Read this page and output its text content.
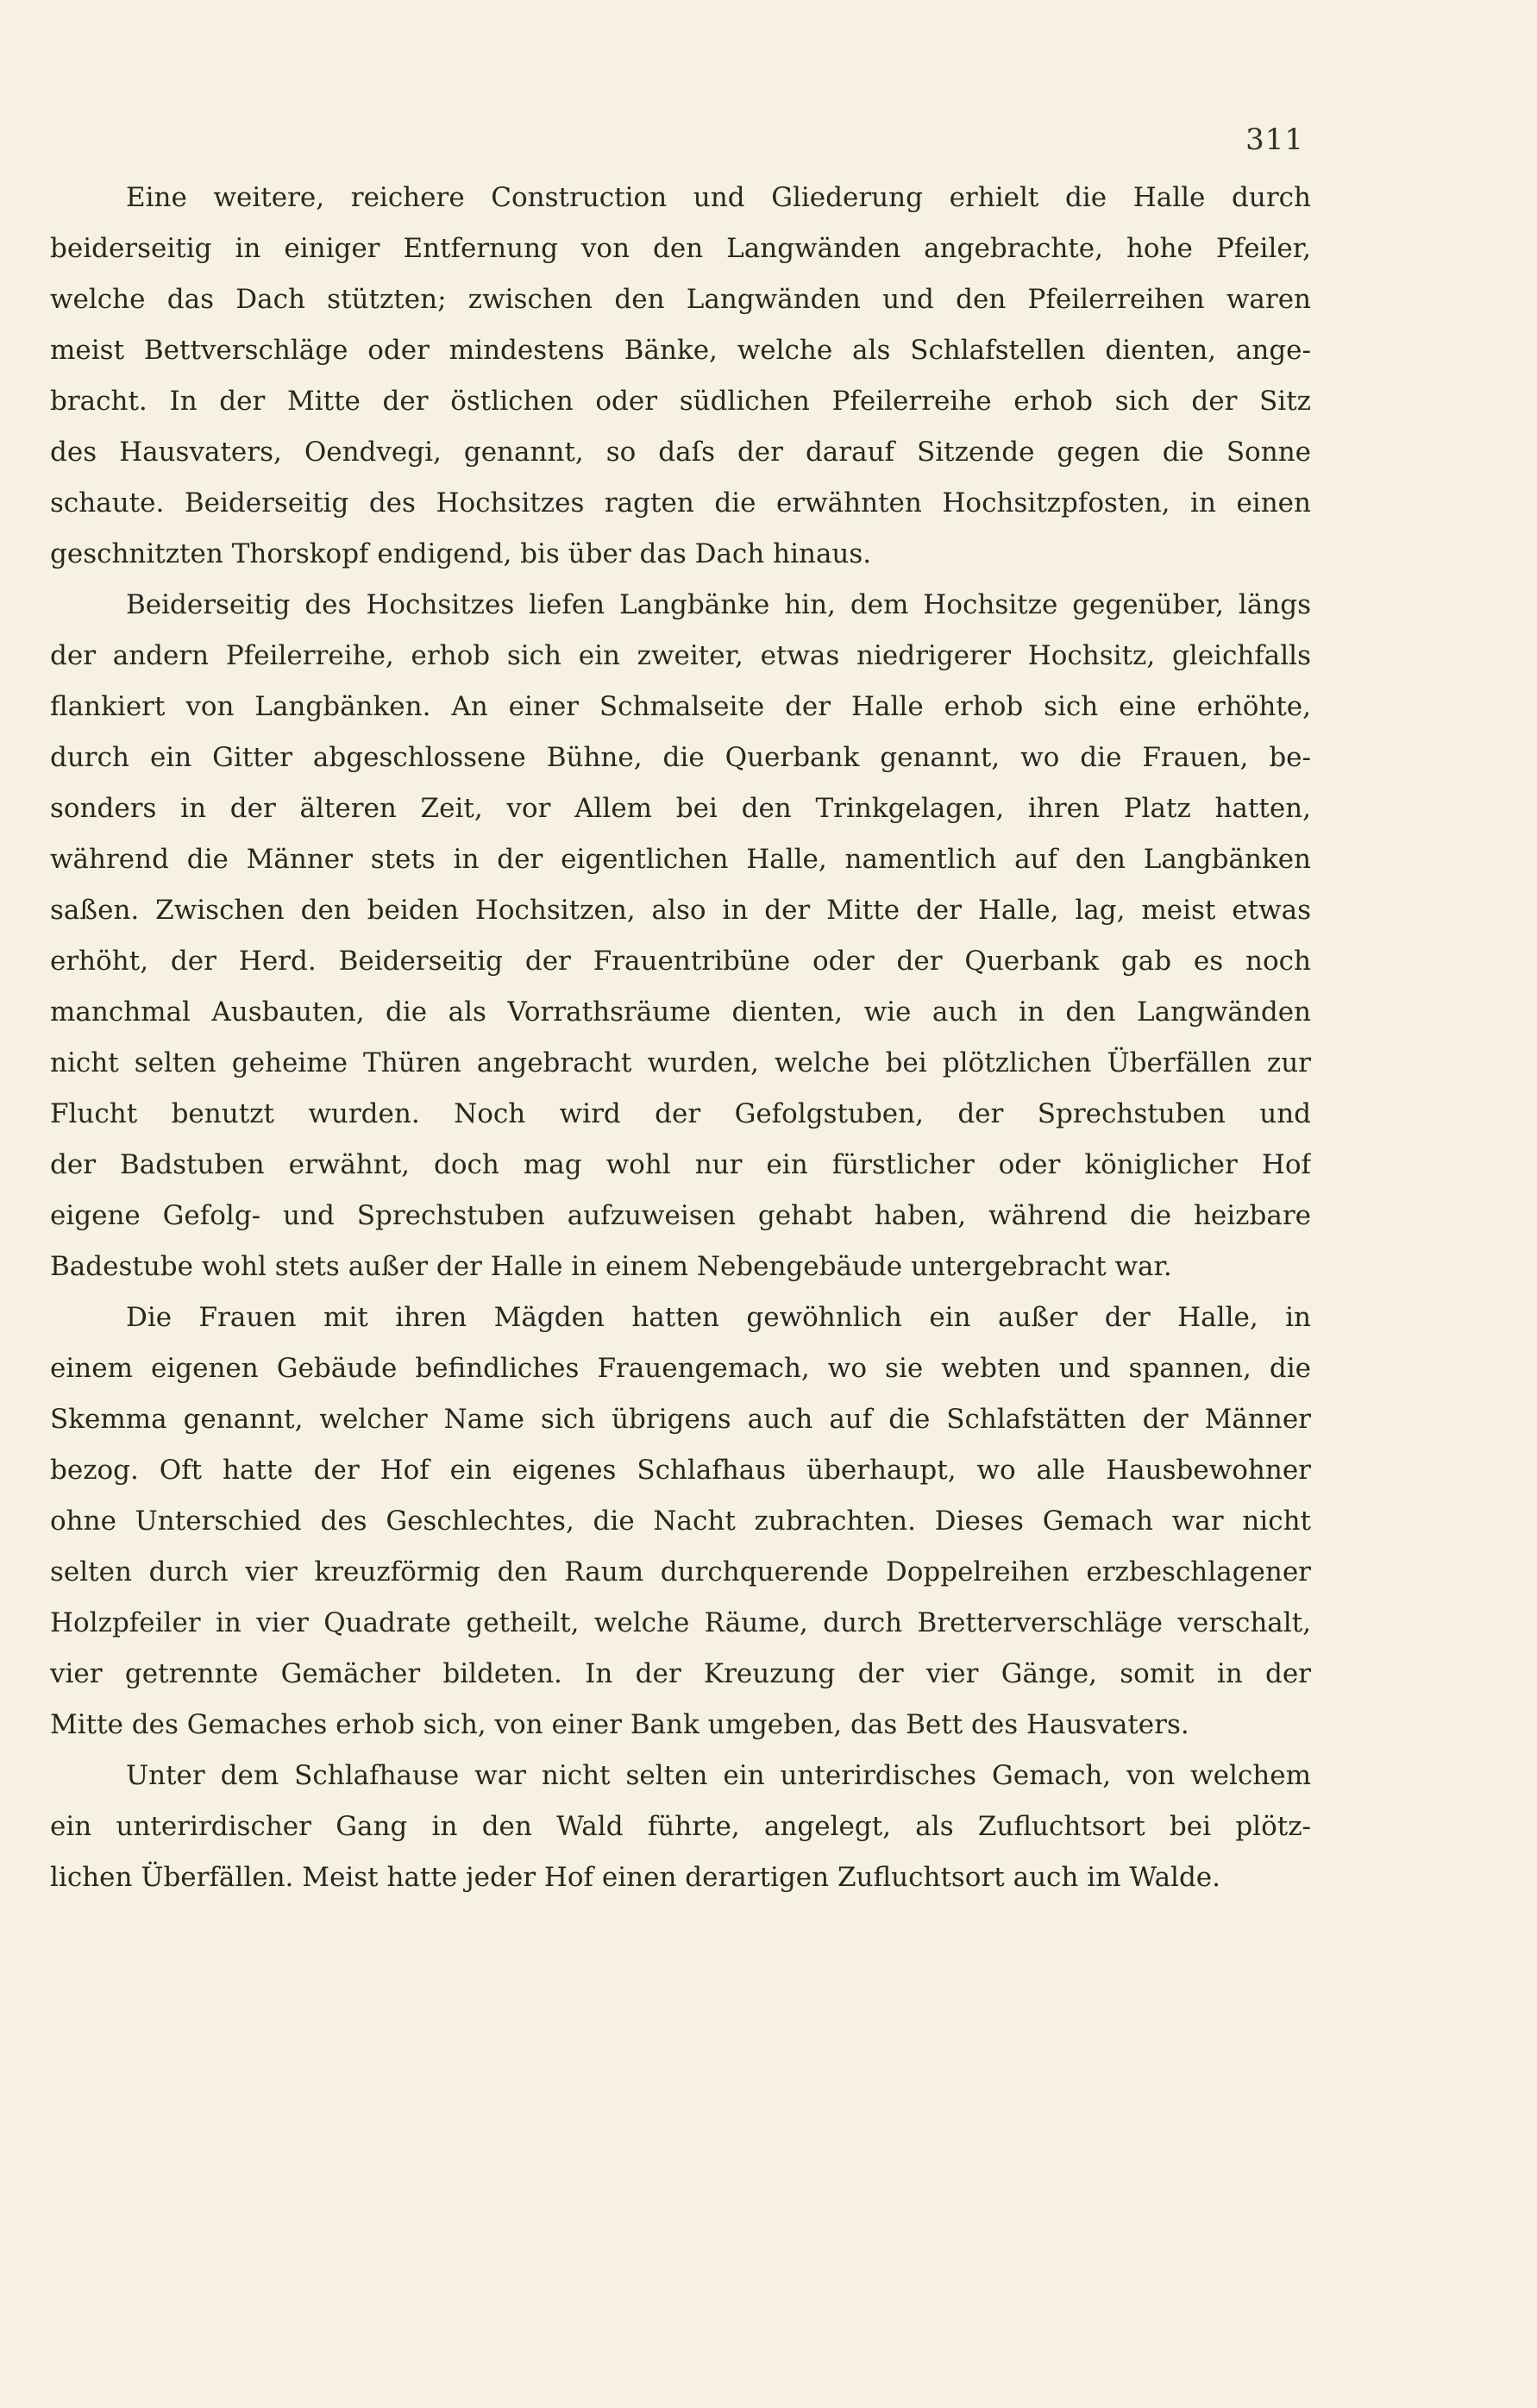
311
Eine weitere, reichere Construction und Gliederung erhielt die Halle durch
beiderseitig in einiger Entfernung von den Langwänden angebrachte, hohe Pfeiler,
welche das Dach stützten; zwischen den Langwänden und den Pfeilerreihen waren
meist Bettverschläge oder mindestens Bänke, welche als Schlafstellen dienten, ange-
bracht. In der Mitte der östlichen oder südlichen Pfeilerreihe erhob sich der Sitz
des Hausvaters, Oendvegi, genannt, so daſs der darauf Sitzende gegen die Sonne
schaute. Beiderseitig des Hochsitzes ragten die erwähnten Hochsitzpfosten, in einen
geschnitzten Thorskopf endigend, bis über das Dach hinaus.
Beiderseitig des Hochsitzes liefen Langbänke hin, dem Hochsitze gegenüber, längs
der andern Pfeilerreihe, erhob sich ein zweiter, etwas niedrigerer Hochsitz, gleichfalls
flankiert von Langbänken. An einer Schmalseite der Halle erhob sich eine erhöhte,
durch ein Gitter abgeschlossene Bühne, die Querbank genannt, wo die Frauen, be-
sonders in der älteren Zeit, vor Allem bei den Trinkgelagen, ihren Platz hatten,
während die Männer stets in der eigentlichen Halle, namentlich auf den Langbänken
saßen. Zwischen den beiden Hochsitzen, also in der Mitte der Halle, lag, meist etwas
erhöht, der Herd. Beiderseitig der Frauentribüne oder der Querbank gab es noch
manchmal Ausbauten, die als Vorrathsräume dienten, wie auch in den Langwänden
nicht selten geheime Thüren angebracht wurden, welche bei plötzlichen Überfällen zur
Flucht benutzt wurden. Noch wird der Gefolgstuben, der Sprechstuben und
der Badstuben erwähnt, doch mag wohl nur ein fürstlicher oder königlicher Hof
eigene Gefolg- und Sprechstuben aufzuweisen gehabt haben, während die heizbare
Badestube wohl stets außer der Halle in einem Nebengebäude untergebracht war.
Die Frauen mit ihren Mägden hatten gewöhnlich ein außer der Halle, in
einem eigenen Gebäude befindliches Frauengemach, wo sie webten und spannen, die
Skemma genannt, welcher Name sich übrigens auch auf die Schlafstätten der Männer
bezog. Oft hatte der Hof ein eigenes Schlafhaus überhaupt, wo alle Hausbewohner
ohne Unterschied des Geschlechtes, die Nacht zubrachten. Dieses Gemach war nicht
selten durch vier kreuzförmig den Raum durchquerende Doppelreihen erzbeschlagener
Holzpfeiler in vier Quadrate getheilt, welche Räume, durch Bretterverschläge verschalt,
vier getrennte Gemächer bildeten. In der Kreuzung der vier Gänge, somit in der
Mitte des Gemaches erhob sich, von einer Bank umgeben, das Bett des Hausvaters.
Unter dem Schlafhause war nicht selten ein unterirdisches Gemach, von welchem
ein unterirdischer Gang in den Wald führte, angelegt, als Zufluchtsort bei plötz-
lichen Überfällen. Meist hatte jeder Hof einen derartigen Zufluchtsort auch im Walde.
